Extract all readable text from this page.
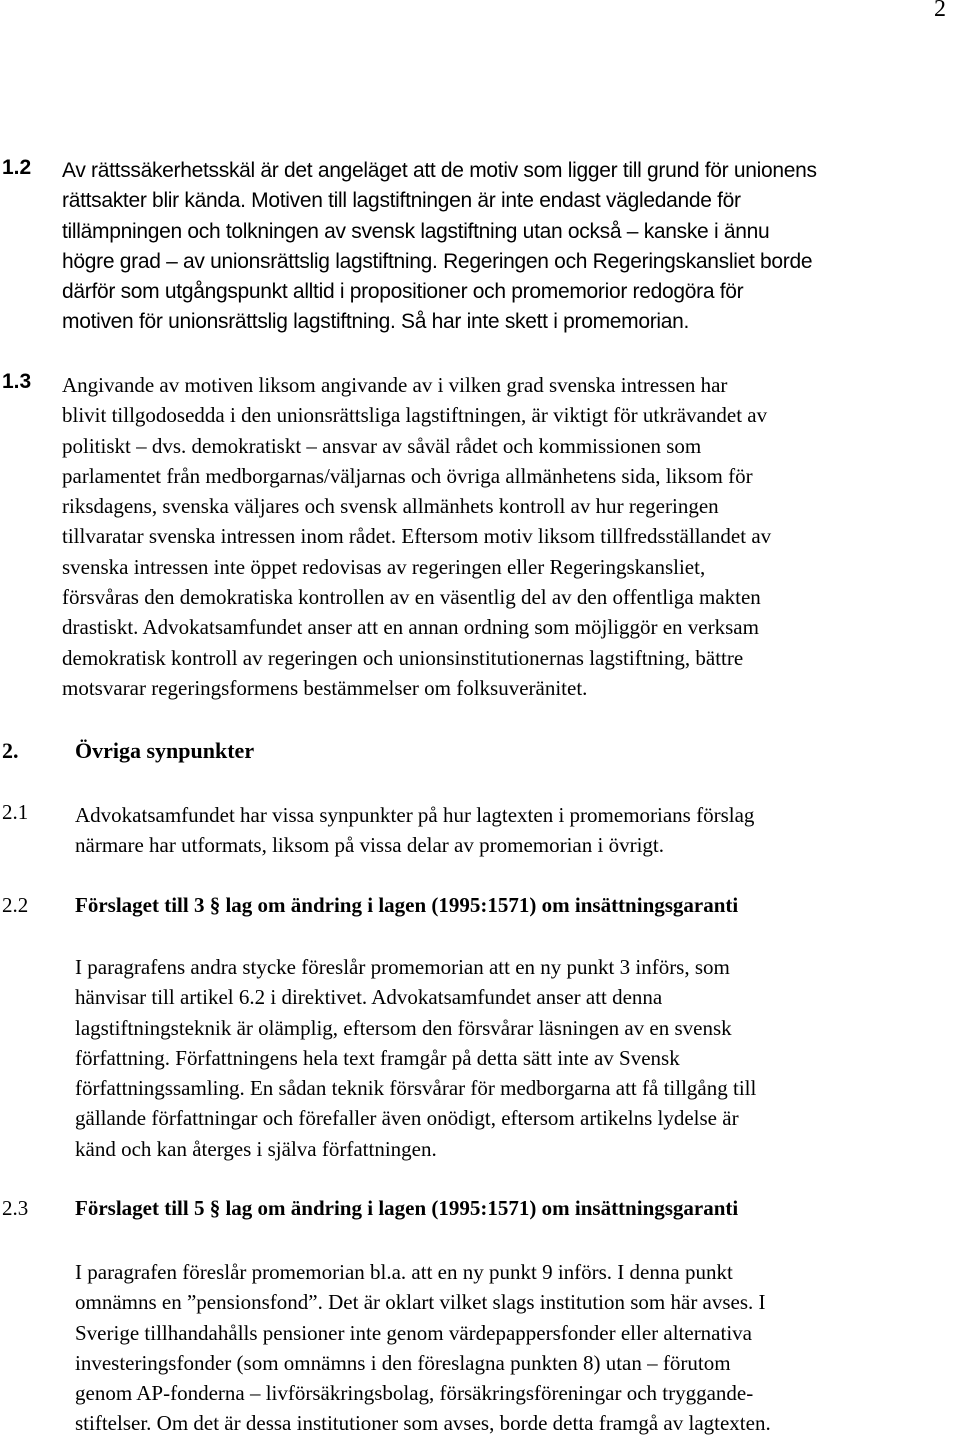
2
1.2 Av rättssäkerhetsskäl är det angeläget att de motiv som ligger till grund för unionens
rättsakter blir kända. Motiven till lagstiftningen är inte endast vägledande för
tillämpningen och tolkningen av svensk lagstiftning utan också – kanske i ännu
högre grad – av unionsrättslig lagstiftning. Regeringen och Regeringskansliet borde
därför som utgångspunkt alltid i propositioner och promemorior redogöra för
motiven för unionsrättslig lagstiftning. Så har inte skett i promemorian.
1.3 Angivande av motiven liksom angivande av i vilken grad svenska intressen har
blivit tillgodosedda i den unionsrättsliga lagstiftningen, är viktigt för utkrävandet av
politiskt – dvs. demokratiskt – ansvar av såväl rådet och kommissionen som
parlamentet från medborgarnas/väljarnas och övriga allmänhetens sida, liksom för
riksdagens, svenska väljares och svensk allmänhets kontroll av hur regeringen
tillvaratar svenska intressen inom rådet. Eftersom motiv liksom tillfredsställandet av
svenska intressen inte öppet redovisas av regeringen eller Regeringskansliet,
försvåras den demokratiska kontrollen av en väsentlig del av den offentliga makten
drastiskt. Advokatsamfundet anser att en annan ordning som möjliggör en verksam
demokratisk kontroll av regeringen och unionsinstitutionernas lagstiftning, bättre
motsvarar regeringsformens bestämmelser om folksuveränitet.
2.	Övriga synpunkter
2.1 Advokatsamfundet har vissa synpunkter på hur lagtexten i promemorians förslag
närmare har utformats, liksom på vissa delar av promemorian i övrigt.
2.2 Förslaget till 3 § lag om ändring i lagen (1995:1571) om insättningsgaranti
I paragrafens andra stycke föreslår promemorian att en ny punkt 3 införs, som
hänvisar till artikel 6.2 i direktivet. Advokatsamfundet anser att denna
lagstiftningsteknik är olämplig, eftersom den försvårar läsningen av en svensk
författning. Författningens hela text framgår på detta sätt inte av Svensk
författningssamling. En sådan teknik försvårar för medborgarna att få tillgång till
gällande författningar och förefaller även onödigt, eftersom artikelns lydelse är
känd och kan återges i själva författningen.
2.3 Förslaget till 5 § lag om ändring i lagen (1995:1571) om insättningsgaranti
I paragrafen föreslår promemorian bl.a. att en ny punkt 9 införs. I denna punkt
omnämns en ”pensionsfond”. Det är oklart vilket slags institution som här avses. I
Sverige tillhandahålls pensioner inte genom värdepappersfonder eller alternativa
investeringsfonder (som omnämns i den föreslagna punkten 8) utan – förutom
genom AP-fonderna – livförsäkringsbolag, försäkringsföreningar och tryggande-
stiftelser. Om det är dessa institutioner som avses, borde detta framgå av lagtexten.
